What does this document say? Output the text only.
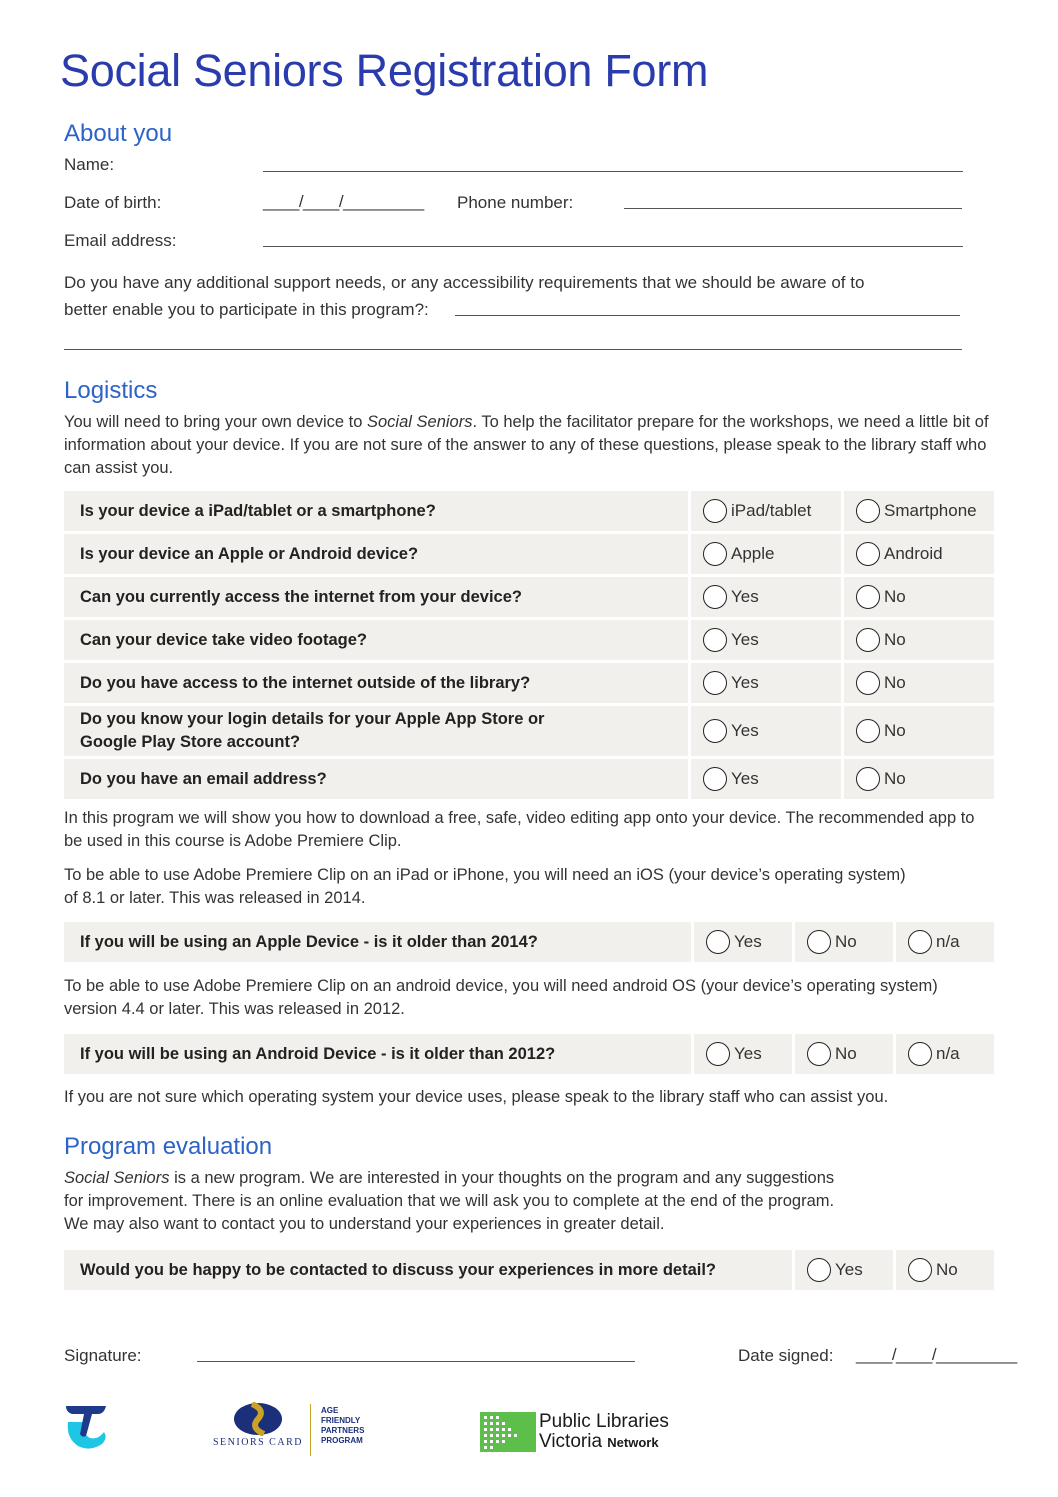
Social Seniors Registration Form
About you
Name:
Date of birth:	____/____/_________ Phone number:
Email address:
Do you have any additional support needs, or any accessibility requirements that we should be aware of to
better enable you to participate in this program?:
Logistics

You will need to bring your own device to Social Seniors. To help the facilitator prepare for the workshops, we need a little bit of information about your device. If you are not sure of the answer to any of these questions, please speak to the library staff who can assist you.

Is your device a iPad/tablet or a smartphone?	iPad/tablet	Smartphone
Is your device an Apple or Android device?	Apple	Android
Can you currently access the internet from your device?	Yes	No
Can your device take video footage?	Yes	No
Do you have access to the internet outside of the library?	Yes	No
Do you know your login details for your Apple App Store or
Google Play Store account?
Yes	No
Do you have an email address?	Yes	No
In this program we will show you how to download a free, safe, video editing app onto your device. The recommended app to be used in this course is Adobe Premiere Clip.

To be able to use Adobe Premiere Clip on an iPad or iPhone, you will need an iOS (your device’s operating system)

of 8.1 or later. This was released in 2014.

If you will be using an Apple Device - is it older than 2014?	Yes	No	n/a
To be able to use Adobe Premiere Clip on an android device, you will need android OS (your device’s operating system) version 4.4 or later. This was released in 2012.
If you will be using an Android Device - is it older than 2012?	Yes	No	n/a
If you are not sure which operating system your device uses, please speak to the library staff who can assist you.
Program evaluation

Social Seniors is a new program. We are interested in your thoughts on the program and any suggestions

for improvement. There is an online evaluation that we will ask you to complete at the end of the program.

We may also want to contact you to understand your experiences in greater detail.

Would you be happy to be contacted to discuss your experiences in more detail?	Yes	No
Signature:	Date signed: ____/____/_________
SENIORS CARD
AGE
FRIENDLY
PARTNERS
PROGRAM
Public Libraries
Victoria Network
